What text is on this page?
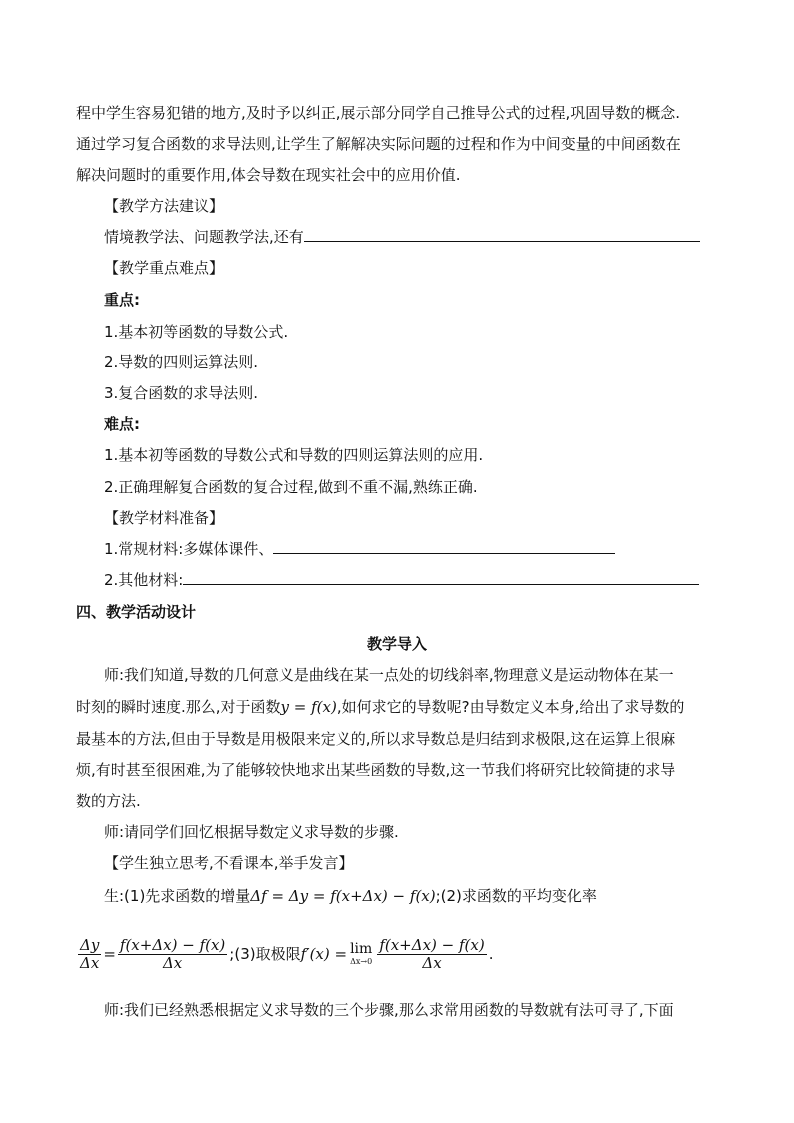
程中学生容易犯错的地方,及时予以纠正,展示部分同学自己推导公式的过程,巩固导数的概念.
通过学习复合函数的求导法则,让学生了解解决实际问题的过程和作为中间变量的中间函数在
解决问题时的重要作用,体会导数在现实社会中的应用价值.
【教学方法建议】
情境教学法、问题教学法,还有
【教学重点难点】
重点:
1.基本初等函数的导数公式.
2.导数的四则运算法则.
3.复合函数的求导法则.
难点:
1.基本初等函数的导数公式和导数的四则运算法则的应用.
2.正确理解复合函数的复合过程,做到不重不漏,熟练正确.
【教学材料准备】
1.常规材料:多媒体课件、
2.其他材料:
四、教学活动设计
教学导入
师:我们知道,导数的几何意义是曲线在某一点处的切线斜率,物理意义是运动物体在某一
时刻的瞬时速度.那么,对于函数y = f(x),如何求它的导数呢?由导数定义本身,给出了求导数的
最基本的方法,但由于导数是用极限来定义的,所以求导数总是归结到求极限,这在运算上很麻
烦,有时甚至很困难,为了能够较快地求出某些函数的导数,这一节我们将研究比较简捷的求导
数的方法.
师:请同学们回忆根据导数定义求导数的步骤.
【学生独立思考,不看课本,举手发言】
生:(1)先求函数的增量Δf = Δy = f(x+Δx) − f(x);(2)求函数的平均变化率
$\frac{\Delta y}{\Delta x} = \frac{f(x+\Delta x) - f(x)}{\Delta x}$ ;(3)取极限f′(x) = lim
$\Delta x\to 0 \frac{f(x+\Delta x) - f(x)}{\Delta x}$ .
师:我们已经熟悉根据定义求导数的三个步骤,那么求常用函数的导数就有法可寻了,下面
